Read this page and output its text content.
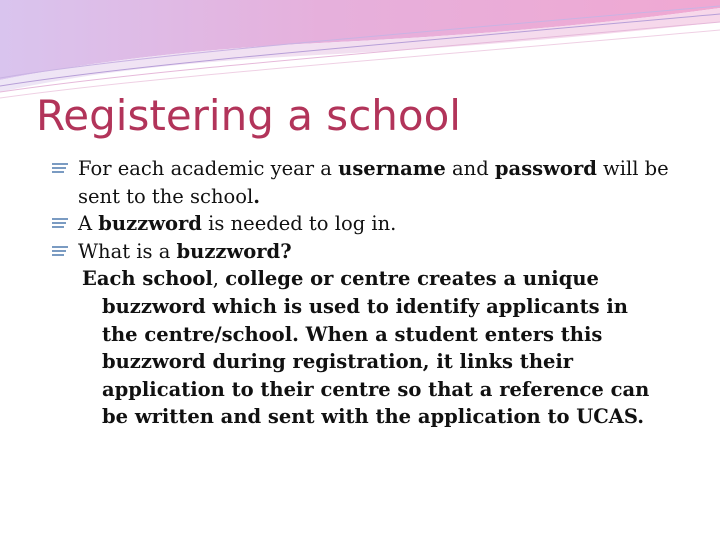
Registering a school
For each academic year a username and password will be sent to the school.
A buzzword is needed to log in.
What is a buzzword?

Each school, college or centre creates a unique buzzword which is used to identify applicants in the centre/school. When a student enters this buzzword during registration, it links their application to their centre so that a reference can be written and sent with the application to UCAS.
